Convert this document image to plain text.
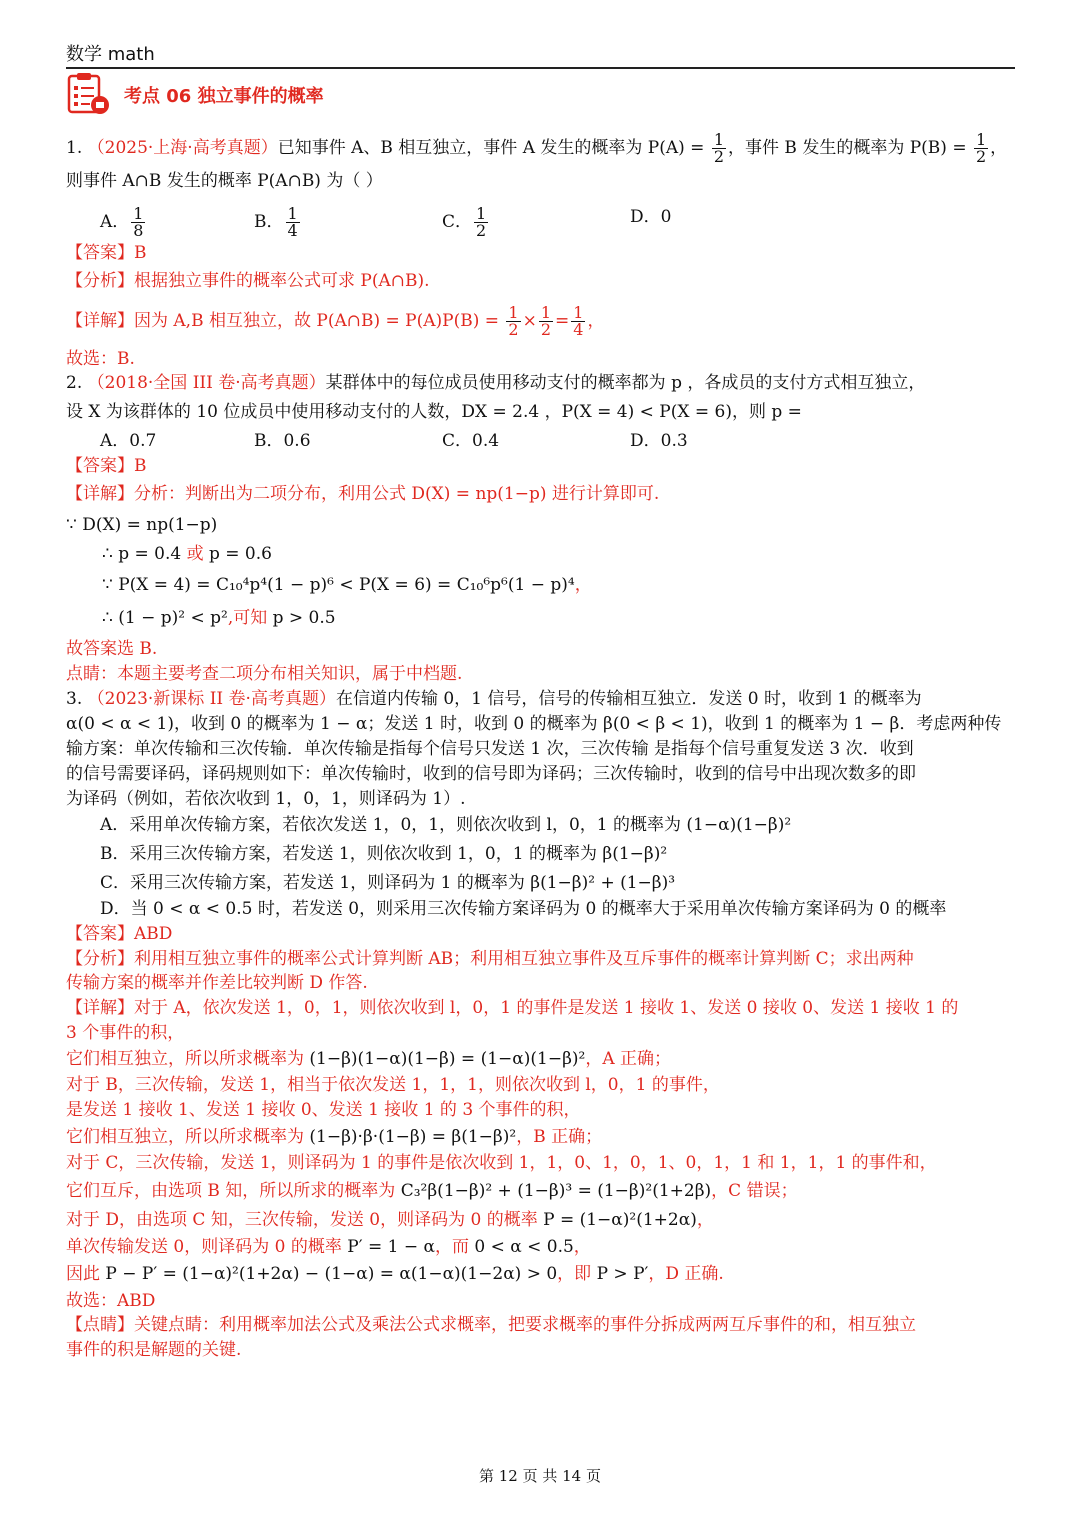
数学 math
考点 06 独立事件的概率
1. （2025·上海·高考真题）已知事件 A、B 相互独立，事件 A 发生的概率为 $P(A) = \frac{1}{2}$ ，事件 B 发生的概率为 $P(B) = \frac{1}{2}$ ，
则事件 A∩B 发生的概率 P(A∩B) 为（ ）
A． $\frac{1}{8}$	B． $\frac{1}{4}$	C． $\frac{1}{2}$	D．0
【答案】B
【分析】根据独立事件的概率公式可求 P(A∩B).
【详解】因为 A,B 相互独立，故 P(A∩B) = $P(A)P(B) = \frac{1}{2} \times \frac{1}{2} = \frac{1}{4}$ ，
故选：B.
2. （2018·全国 III 卷·高考真题）某群体中的每位成员使用移动支付的概率都为 p ，各成员的支付方式相互独立，
设 X 为该群体的 10 位成员中使用移动支付的人数，DX = 2.4 ，P(X = 4) < P(X = 6)，则 p =
A．0.7	B．0.6	C．0.4	D．0.3
【答案】B
【详解】分析：判断出为二项分布，利用公式 D(X) = np(1−p) 进行计算即可.
∵ D(X) = np(1−p)
∴ p = 0.4 或 p = 0.6
∵ P(X = 4) = C₁₀⁴p⁴(1 − p)⁶ < P(X = 6) = C₁₀⁶p⁶(1 − p)⁴，
∴ (1 − p)² < p²,可知 p > 0.5
故答案选 B.
点睛：本题主要考查二项分布相关知识，属于中档题.
3. （2023·新课标 II 卷·高考真题）在信道内传输 0，1 信号，信号的传输相互独立．发送 0 时，收到 1 的概率为
α(0 < α < 1)，收到 0 的概率为 1 − α；发送 1 时，收到 0 的概率为 β(0 < β < 1)，收到 1 的概率为 1 − β．考虑两种传
输方案：单次传输和三次传输．单次传输是指每个信号只发送 1 次，三次传输 是指每个信号重复发送 3 次．收到
的信号需要译码，译码规则如下：单次传输时，收到的信号即为译码；三次传输时，收到的信号中出现次数多的即
为译码（例如，若依次收到 1，0，1，则译码为 1）.
A．采用单次传输方案，若依次发送 1，0，1，则依次收到 l，0，1 的概率为 (1−α)(1−β)²
B．采用三次传输方案，若发送 1，则依次收到 1，0，1 的概率为 β(1−β)²
C．采用三次传输方案，若发送 1，则译码为 1 的概率为 β(1−β)² + (1−β)³
D．当 0 < α < 0.5 时，若发送 0，则采用三次传输方案译码为 0 的概率大于采用单次传输方案译码为 0 的概率
【答案】ABD
【分析】利用相互独立事件的概率公式计算判断 AB；利用相互独立事件及互斥事件的概率计算判断 C；求出两种
传输方案的概率并作差比较判断 D 作答.
【详解】对于 A，依次发送 1，0，1，则依次收到 l，0，1 的事件是发送 1 接收 1、发送 0 接收 0、发送 1 接收 1 的
3 个事件的积，
它们相互独立，所以所求概率为 (1−β)(1−α)(1−β) = (1−α)(1−β)²，A 正确；
对于 B，三次传输，发送 1，相当于依次发送 1，1，1，则依次收到 l，0，1 的事件，
是发送 1 接收 1、发送 1 接收 0、发送 1 接收 1 的 3 个事件的积，
它们相互独立，所以所求概率为 (1−β)·β·(1−β) = β(1−β)²，B 正确；
对于 C，三次传输，发送 1，则译码为 1 的事件是依次收到 1，1，0、1，0，1、0，1，1 和 1，1，1 的事件和，
它们互斥，由选项 B 知，所以所求的概率为 C₃²β(1−β)² + (1−β)³ = (1−β)²(1+2β)，C 错误；
对于 D，由选项 C 知，三次传输，发送 0，则译码为 0 的概率 P = (1−α)²(1+2α)，
单次传输发送 0，则译码为 0 的概率 P′ = 1 − α，而 0 < α < 0.5，
因此 P − P′ = (1−α)²(1+2α) − (1−α) = α(1−α)(1−2α) > 0，即 P > P′，D 正确.
故选：ABD
【点睛】关键点睛：利用概率加法公式及乘法公式求概率，把要求概率的事件分拆成两两互斥事件的和，相互独立
事件的积是解题的关键.
第 12 页 共 14 页
